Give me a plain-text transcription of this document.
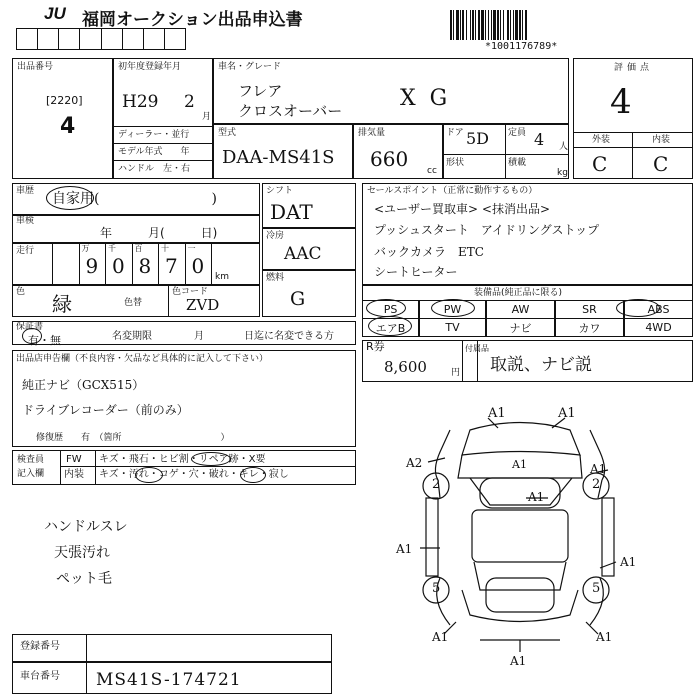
JU 福岡オークション出品申込書
*1001176789*
出品番号
[2220]
4
初年度登録年月
H29 2
月
ディーラー・並行
モデル年式　　年
ハンドル　左・右
車名・グレード
フレア
クロスオーバー	XG
型式
DAA-MS41S
排気量
660 cc
ドア 5D 定員 4 人
形状	積載
kg
評価点
4
外装	内装
C C
車歴 自家用(　　　　　　　　)
車検
年　　　月(　　　日)
走行	万
9
千
0
百
8
十
7
一
0 km
色 緑	色替
色コード
ZVD
シフト
DAT
冷房
AAC
燃料
G
セールスポイント（正常に動作するもの）
<ユーザー買取車> <抹消出品>
プッシュスタート　アイドリングストップ
バックカメラ　ETC
シートヒーター
装備品(純正品に限る)
PS	PW	AW	SR	ABS
エアB	TV	ナビ	カワ	4WD
保証書
有・無	名変期限	月	日迄に名変できる方
R券
8,600	円
付属品
取説、ナビ説
出品店申告欄（不良内容・欠品など具体的に記入して下さい）
純正ナビ（GCX515）
ドライブレコーダー（前のみ）
修復歴　　有　（箇所　　　　　　　　　　　）
検査員
記入欄
FW
内装
キズ・飛石・ヒビ割・リペア跡・X要
キズ・汚れ・コゲ・穴・破れ・キレ・寂し
ハンドルスレ
天張汚れ
ペット毛
A1	A1
A2	A1	A1
A1
A1
A1
A1	A1
A1
2	2
5	5
登録番号
車台番号 MS41S-174721
